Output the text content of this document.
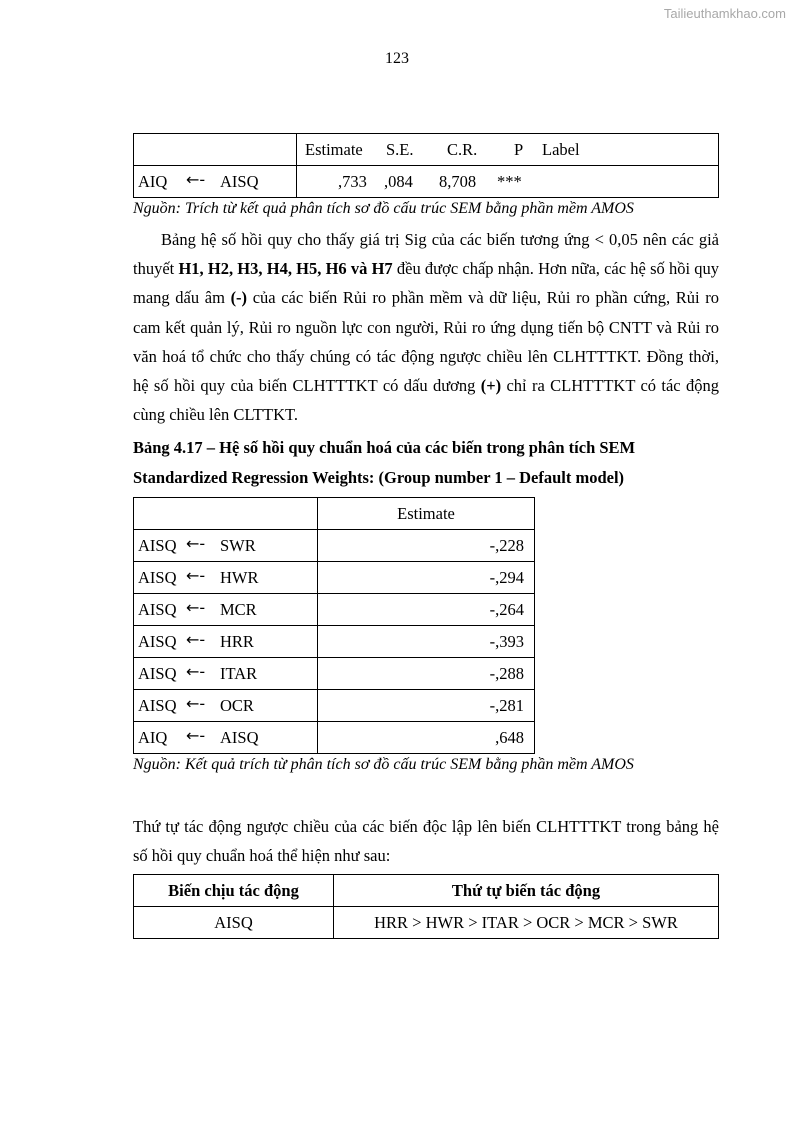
Tailieuthamkhao.com
123

	Estimate S.E. C.R. P Label

AIQ ←- AISQ	,733 ,084 8,708 ***
Nguồn: Trích từ kết quả phân tích sơ đồ cấu trúc SEM bằng phần mềm AMOS
Bảng hệ số hồi quy cho thấy giá trị Sig của các biến tương ứng < 0,05 nên các giả thuyết H1, H2, H3, H4, H5, H6 và H7 đều được chấp nhận. Hơn nữa, các hệ số hồi quy mang dấu âm (-) của các biến Rủi ro phần mềm và dữ liệu, Rủi ro phần cứng, Rủi ro cam kết quản lý, Rủi ro nguồn lực con người, Rủi ro ứng dụng tiến bộ CNTT và Rủi ro văn hoá tổ chức cho thấy chúng có tác động ngược chiều lên CLHTTTKT. Đồng thời, hệ số hồi quy của biến CLHTTTKT có dấu dương (+) chỉ ra CLHTTTKT có tác động cùng chiều lên CLTTKT.
Bảng 4.17 – Hệ số hồi quy chuẩn hoá của các biến trong phân tích SEM
Standardized Regression Weights: (Group number 1 – Default model)
	Estimate

AISQ ←- SWR	-,228

AISQ ←- HWR	-,294

AISQ ←- MCR	-,264

AISQ ←- HRR	-,393

AISQ ←- ITAR	-,288

AISQ ←- OCR	-,281

AIQ ←- AISQ	,648
Nguồn: Kết quả trích từ phân tích sơ đồ cấu trúc SEM bằng phần mềm AMOS
Thứ tự tác động ngược chiều của các biến độc lập lên biến CLHTTTKT trong bảng hệ số hồi quy chuẩn hoá thể hiện như sau:
Biến chịu tác động	Thứ tự biến tác động
AISQ	HRR > HWR > ITAR > OCR > MCR > SWR
